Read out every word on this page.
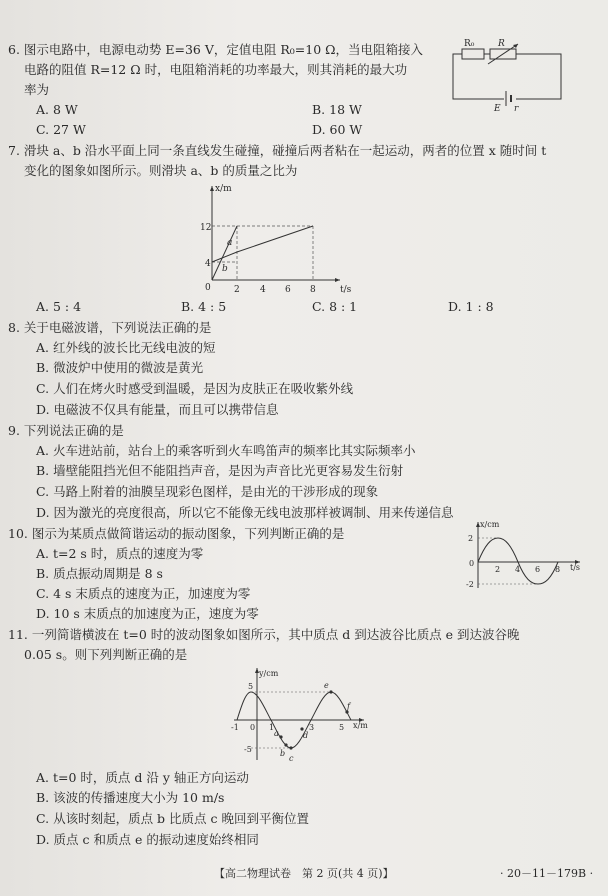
6. 图示电路中，电源电动势 E=36 V，定值电阻 R₀=10 Ω，当电阻箱接入
电路的阻值 R=12 Ω 时，电阻箱消耗的功率最大，则其消耗的最大功
率为
A. 8 W	B. 18 W
C. 27 W	D. 60 W
R₀	R
E r
7. 滑块 a、b 沿水平面上同一条直线发生碰撞，碰撞后两者粘在一起运动，两者的位置 x 随时间 t
变化的图象如图所示。则滑块 a、b 的质量之比为
x/m
t/s
a
b
12
4
0	2 4 6 8
A. 5 : 4	B. 4 : 5	C. 8 : 1	D. 1 : 8
8. 关于电磁波谱，下列说法正确的是
A. 红外线的波长比无线电波的短
B. 微波炉中使用的微波是黄光
C. 人们在烤火时感受到温暖，是因为皮肤正在吸收紫外线
D. 电磁波不仅具有能量，而且可以携带信息
9. 下列说法正确的是
A. 火车进站前，站台上的乘客听到火车鸣笛声的频率比其实际频率小
B. 墙壁能阻挡光但不能阻挡声音，是因为声音比光更容易发生衍射
C. 马路上附着的油膜呈现彩色图样，是由光的干涉形成的现象
D. 因为激光的亮度很高，所以它不能像无线电波那样被调制、用来传递信息
10. 图示为某质点做简谐运动的振动图象，下列判断正确的是
A. t=2 s 时，质点的速度为零
B. 质点振动周期是 8 s
C. 4 s 末质点的速度为正，加速度为零
D. 10 s 末质点的加速度为正，速度为零
x/cm
t/s
2
-2
0
2 4 6 8
11. 一列简谐横波在 t=0 时的波动图象如图所示，其中质点 d 到达波谷比质点 e 到达波谷晚
0.05 s。则下列判断正确的是
y/cm
x/m
5
-5
-1 0 1	3	5
a
b
c
d
e
f
A. t=0 时，质点 d 沿 y 轴正方向运动
B. 该波的传播速度大小为 10 m/s
C. 从该时刻起，质点 b 比质点 c 晚回到平衡位置
D. 质点 c 和质点 e 的振动速度始终相同
【高二物理试卷　第 2 页(共 4 页)】	· 20－11－179B ·
